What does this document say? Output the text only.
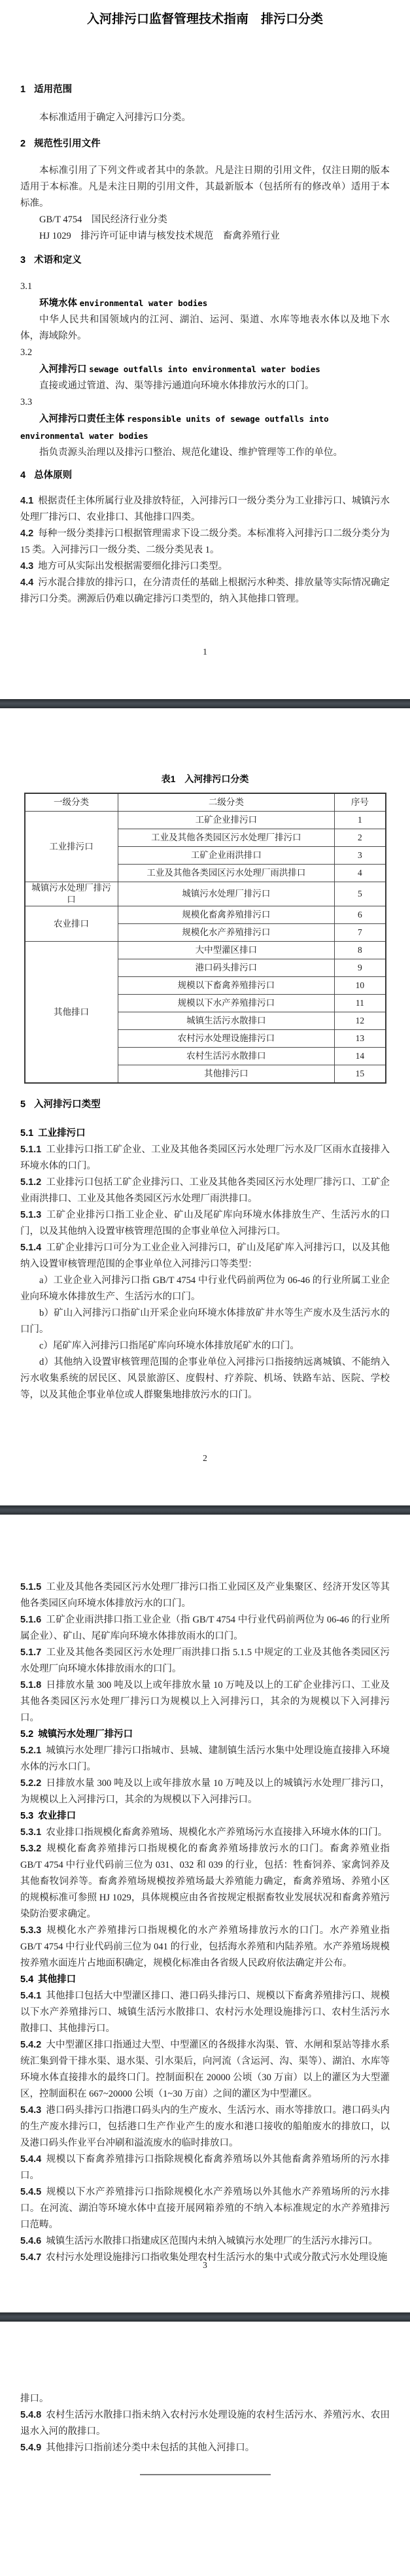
入河排污口监督管理技术指南　排污口分类
1 适用范围

本标准适用于确定入河排污口分类。

2 规范性引用文件

本标准引用了下列文件或者其中的条款。凡是注日期的引用文件，仅注日期的版本适用于本标准。凡是未注日期的引用文件，其最新版本（包括所有的修改单）适用于本标准。

GB/T 4754　国民经济行业分类

HJ 1029　排污许可证申请与核发技术规范　畜禽养殖行业

3 术语和定义

3.1

环境水体 environmental water bodies

中华人民共和国领域内的江河、湖泊、运河、渠道、水库等地表水体以及地下水体，海域除外。

3.2

入河排污口 sewage outfalls into environmental water bodies

直接或通过管道、沟、渠等排污通道向环境水体排放污水的口门。

3.3

入河排污口责任主体 responsible units of sewage outfalls into environmental water bodies

指负责源头治理以及排污口整治、规范化建设、维护管理等工作的单位。

4 总体原则

4.1 根据责任主体所属行业及排放特征，入河排污口一级分类分为工业排污口、城镇污水处理厂排污口、农业排口、其他排口四类。

4.2 每种一级分类排污口根据管理需求下设二级分类。本标准将入河排污口二级分类分为 15 类。入河排污口一级分类、二级分类见表 1。

4.3 地方可从实际出发根据需要细化排污口类型。

4.4 污水混合排放的排污口，在分清责任的基础上根据污水种类、排放量等实际情况确定排污口分类。溯源后仍难以确定排污口类型的，纳入其他排口管理。

1
表1　入河排污口分类
一级分类	二级分类	序号
工业排污口	工矿企业排污口	1
	工业及其他各类园区污水处理厂排污口	2
	工矿企业雨洪排口	3
	工业及其他各类园区污水处理厂雨洪排口	4
城镇污水处理厂排污口	城镇污水处理厂排污口	5
农业排口	规模化畜禽养殖排污口	6
	规模化水产养殖排污口	7
其他排口	大中型灌区排口	8
	港口码头排污口	9
	规模以下畜禽养殖排污口	10
	规模以下水产养殖排污口	11
	城镇生活污水散排口	12
	农村污水处理设施排污口	13
	农村生活污水散排口	14
	其他排污口	15
5 入河排污口类型
5.1 工业排污口

5.1.1 工业排污口指工矿企业、工业及其他各类园区污水处理厂污水及厂区雨水直接排入环境水体的口门。

5.1.2 工业排污口包括工矿企业排污口、工业及其他各类园区污水处理厂排污口、工矿企业雨洪排口、工业及其他各类园区污水处理厂雨洪排口。

5.1.3 工矿企业排污口指工业企业、矿山及尾矿库向环境水体排放生产、生活污水的口门，以及其他纳入设置审核管理范围的企事业单位入河排污口。

5.1.4 工矿企业排污口可分为工业企业入河排污口，矿山及尾矿库入河排污口，以及其他纳入设置审核管理范围的企事业单位入河排污口等类型：

a）工业企业入河排污口指 GB/T 4754 中行业代码前两位为 06-46 的行业所属工业企业向环境水体排放生产、生活污水的口门。

b）矿山入河排污口指矿山开采企业向环境水体排放矿井水等生产废水及生活污水的口门。

c）尾矿库入河排污口指尾矿库向环境水体排放尾矿水的口门。

d）其他纳入设置审核管理范围的企事业单位入河排污口指接纳远离城镇、不能纳入污水收集系统的居民区、风景旅游区、度假村、疗养院、机场、铁路车站、医院、学校等，以及其他企事业单位或人群聚集地排放污水的口门。

2

5.1.5 工业及其他各类园区污水处理厂排污口指工业园区及产业集聚区、经济开发区等其他各类园区向环境水体排放污水的口门。

5.1.6 工矿企业雨洪排口指工业企业（指 GB/T 4754 中行业代码前两位为 06-46 的行业所属企业）、矿山、尾矿库向环境水体排放雨水的口门。

5.1.7 工业及其他各类园区污水处理厂雨洪排口指 5.1.5 中规定的工业及其他各类园区污水处理厂向环境水体排放雨水的口门。

5.1.8 日排放水量 300 吨及以上或年排放水量 10 万吨及以上的工矿企业排污口、工业及其他各类园区污水处理厂排污口为规模以上入河排污口，其余的为规模以下入河排污口。

5.2 城镇污水处理厂排污口

5.2.1 城镇污水处理厂排污口指城市、县城、建制镇生活污水集中处理设施直接排入环境水体的污水口门。

5.2.2 日排放水量 300 吨及以上或年排放水量 10 万吨及以上的城镇污水处理厂排污口，为规模以上入河排污口，其余的为规模以下入河排污口。

5.3 农业排口

5.3.1 农业排口指规模化畜禽养殖场、规模化水产养殖场污水直接排入环境水体的口门。

5.3.2 规模化畜禽养殖排污口指规模化的畜禽养殖场排放污水的口门。畜禽养殖业指 GB/T 4754 中行业代码前三位为 031、032 和 039 的行业，包括：牲畜饲养、家禽饲养及其他畜牧饲养等。畜禽养殖场规模按养殖场最大养殖能力确定，畜禽养殖场、养殖小区的规模标准可参照 HJ 1029，具体规模应由各省按规定根据畜牧业发展状况和畜禽养殖污染防治要求确定。

5.3.3 规模化水产养殖排污口指规模化的水产养殖场排放污水的口门。水产养殖业指 GB/T 4754 中行业代码前三位为 041 的行业，包括海水养殖和内陆养殖。水产养殖场规模按养殖水面连片占地面积确定，规模化标准由各省级人民政府依法确定并公布。

5.4 其他排口

5.4.1 其他排口包括大中型灌区排口、港口码头排污口、规模以下畜禽养殖排污口、规模以下水产养殖排污口、城镇生活污水散排口、农村污水处理设施排污口、农村生活污水散排口、其他排污口。

5.4.2 大中型灌区排口指通过大型、中型灌区的各级排水沟渠、管、水闸和泵站等排水系统汇集到骨干排水渠、退水渠、引水渠后，向河流（含运河、沟、渠等）、湖泊、水库等环境水体直接排水的最终口门。控制面积在 20000 公顷（30 万亩）以上的灌区为大型灌区，控制面积在 667~20000 公顷（1~30 万亩）之间的灌区为中型灌区。

5.4.3 港口码头排污口指港口码头内的生产废水、生活污水、雨水等排放口。港口码头内的生产废水排污口，包括港口生产作业产生的废水和港口接收的船舶废水的排放口，以及港口码头作业平台冲刷和溢流废水的临时排放口。

5.4.4 规模以下畜禽养殖排污口指除规模化畜禽养殖场以外其他畜禽养殖场所的污水排口。

5.4.5 规模以下水产养殖排污口指除规模化水产养殖场以外其他水产养殖场所的污水排口。在河流、湖泊等环境水体中直接开展网箱养殖的不纳入本标准规定的水产养殖排污口范畴。

5.4.6 城镇生活污水散排口指建成区范围内未纳入城镇污水处理厂的生活污水排污口。

5.4.7 农村污水处理设施排污口指收集处理农村生活污水的集中式或分散式污水处理设施

3

排口。

5.4.8 农村生活污水散排口指未纳入农村污水处理设施的农村生活污水、养殖污水、农田退水入河的散排口。

5.4.9 其他排污口指前述分类中未包括的其他入河排口。
